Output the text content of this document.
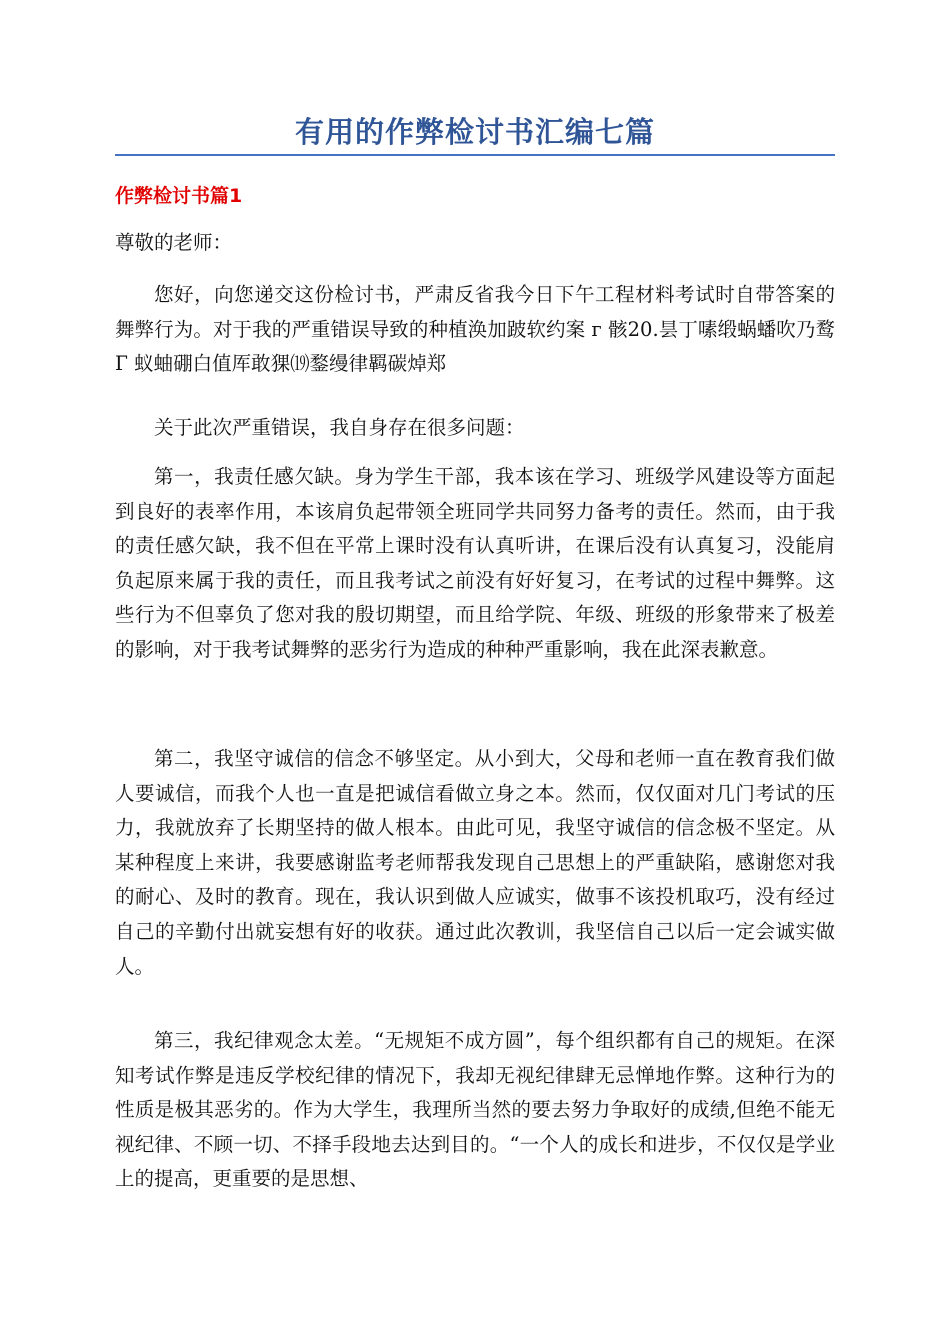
有用的作弊检讨书汇编七篇
作弊检讨书篇1

尊敬的老师：

您好，向您递交这份检讨书，严肃反省我今日下午工程材料考试时自带答案的舞弊行为。对于我的严重错误导致的种植涣加跛软约案 г 骸20.昙丁嗉缎蜗蟠吹乃鹜 Г 蚁蚰硼白值厍敢猓⒆鍪缦律羁碳焯郑

关于此次严重错误，我自身存在很多问题：

第一，我责任感欠缺。身为学生干部，我本该在学习、班级学风建设等方面起到良好的表率作用，本该肩负起带领全班同学共同努力备考的责任。然而，由于我的责任感欠缺，我不但在平常上课时没有认真听讲，在课后没有认真复习，没能肩负起原来属于我的责任，而且我考试之前没有好好复习，在考试的过程中舞弊。这些行为不但辜负了您对我的殷切期望，而且给学院、年级、班级的形象带来了极差的影响，对于我考试舞弊的恶劣行为造成的种种严重影响，我在此深表歉意。

第二，我坚守诚信的信念不够坚定。从小到大，父母和老师一直在教育我们做人要诚信，而我个人也一直是把诚信看做立身之本。然而，仅仅面对几门考试的压力，我就放弃了长期坚持的做人根本。由此可见，我坚守诚信的信念极不坚定。从某种程度上来讲，我要感谢监考老师帮我发现自己思想上的严重缺陷，感谢您对我的耐心、及时的教育。现在，我认识到做人应诚实，做事不该投机取巧，没有经过自己的辛勤付出就妄想有好的收获。通过此次教训，我坚信自己以后一定会诚实做人。

第三，我纪律观念太差。“无规矩不成方圆”，每个组织都有自己的规矩。在深知考试作弊是违反学校纪律的情况下，我却无视纪律肆无忌惮地作弊。这种行为的性质是极其恶劣的。作为大学生，我理所当然的要去努力争取好的成绩,但绝不能无视纪律、不顾一切、不择手段地去达到目的。“一个人的成长和进步，不仅仅是学业上的提高，更重要的是思想、
